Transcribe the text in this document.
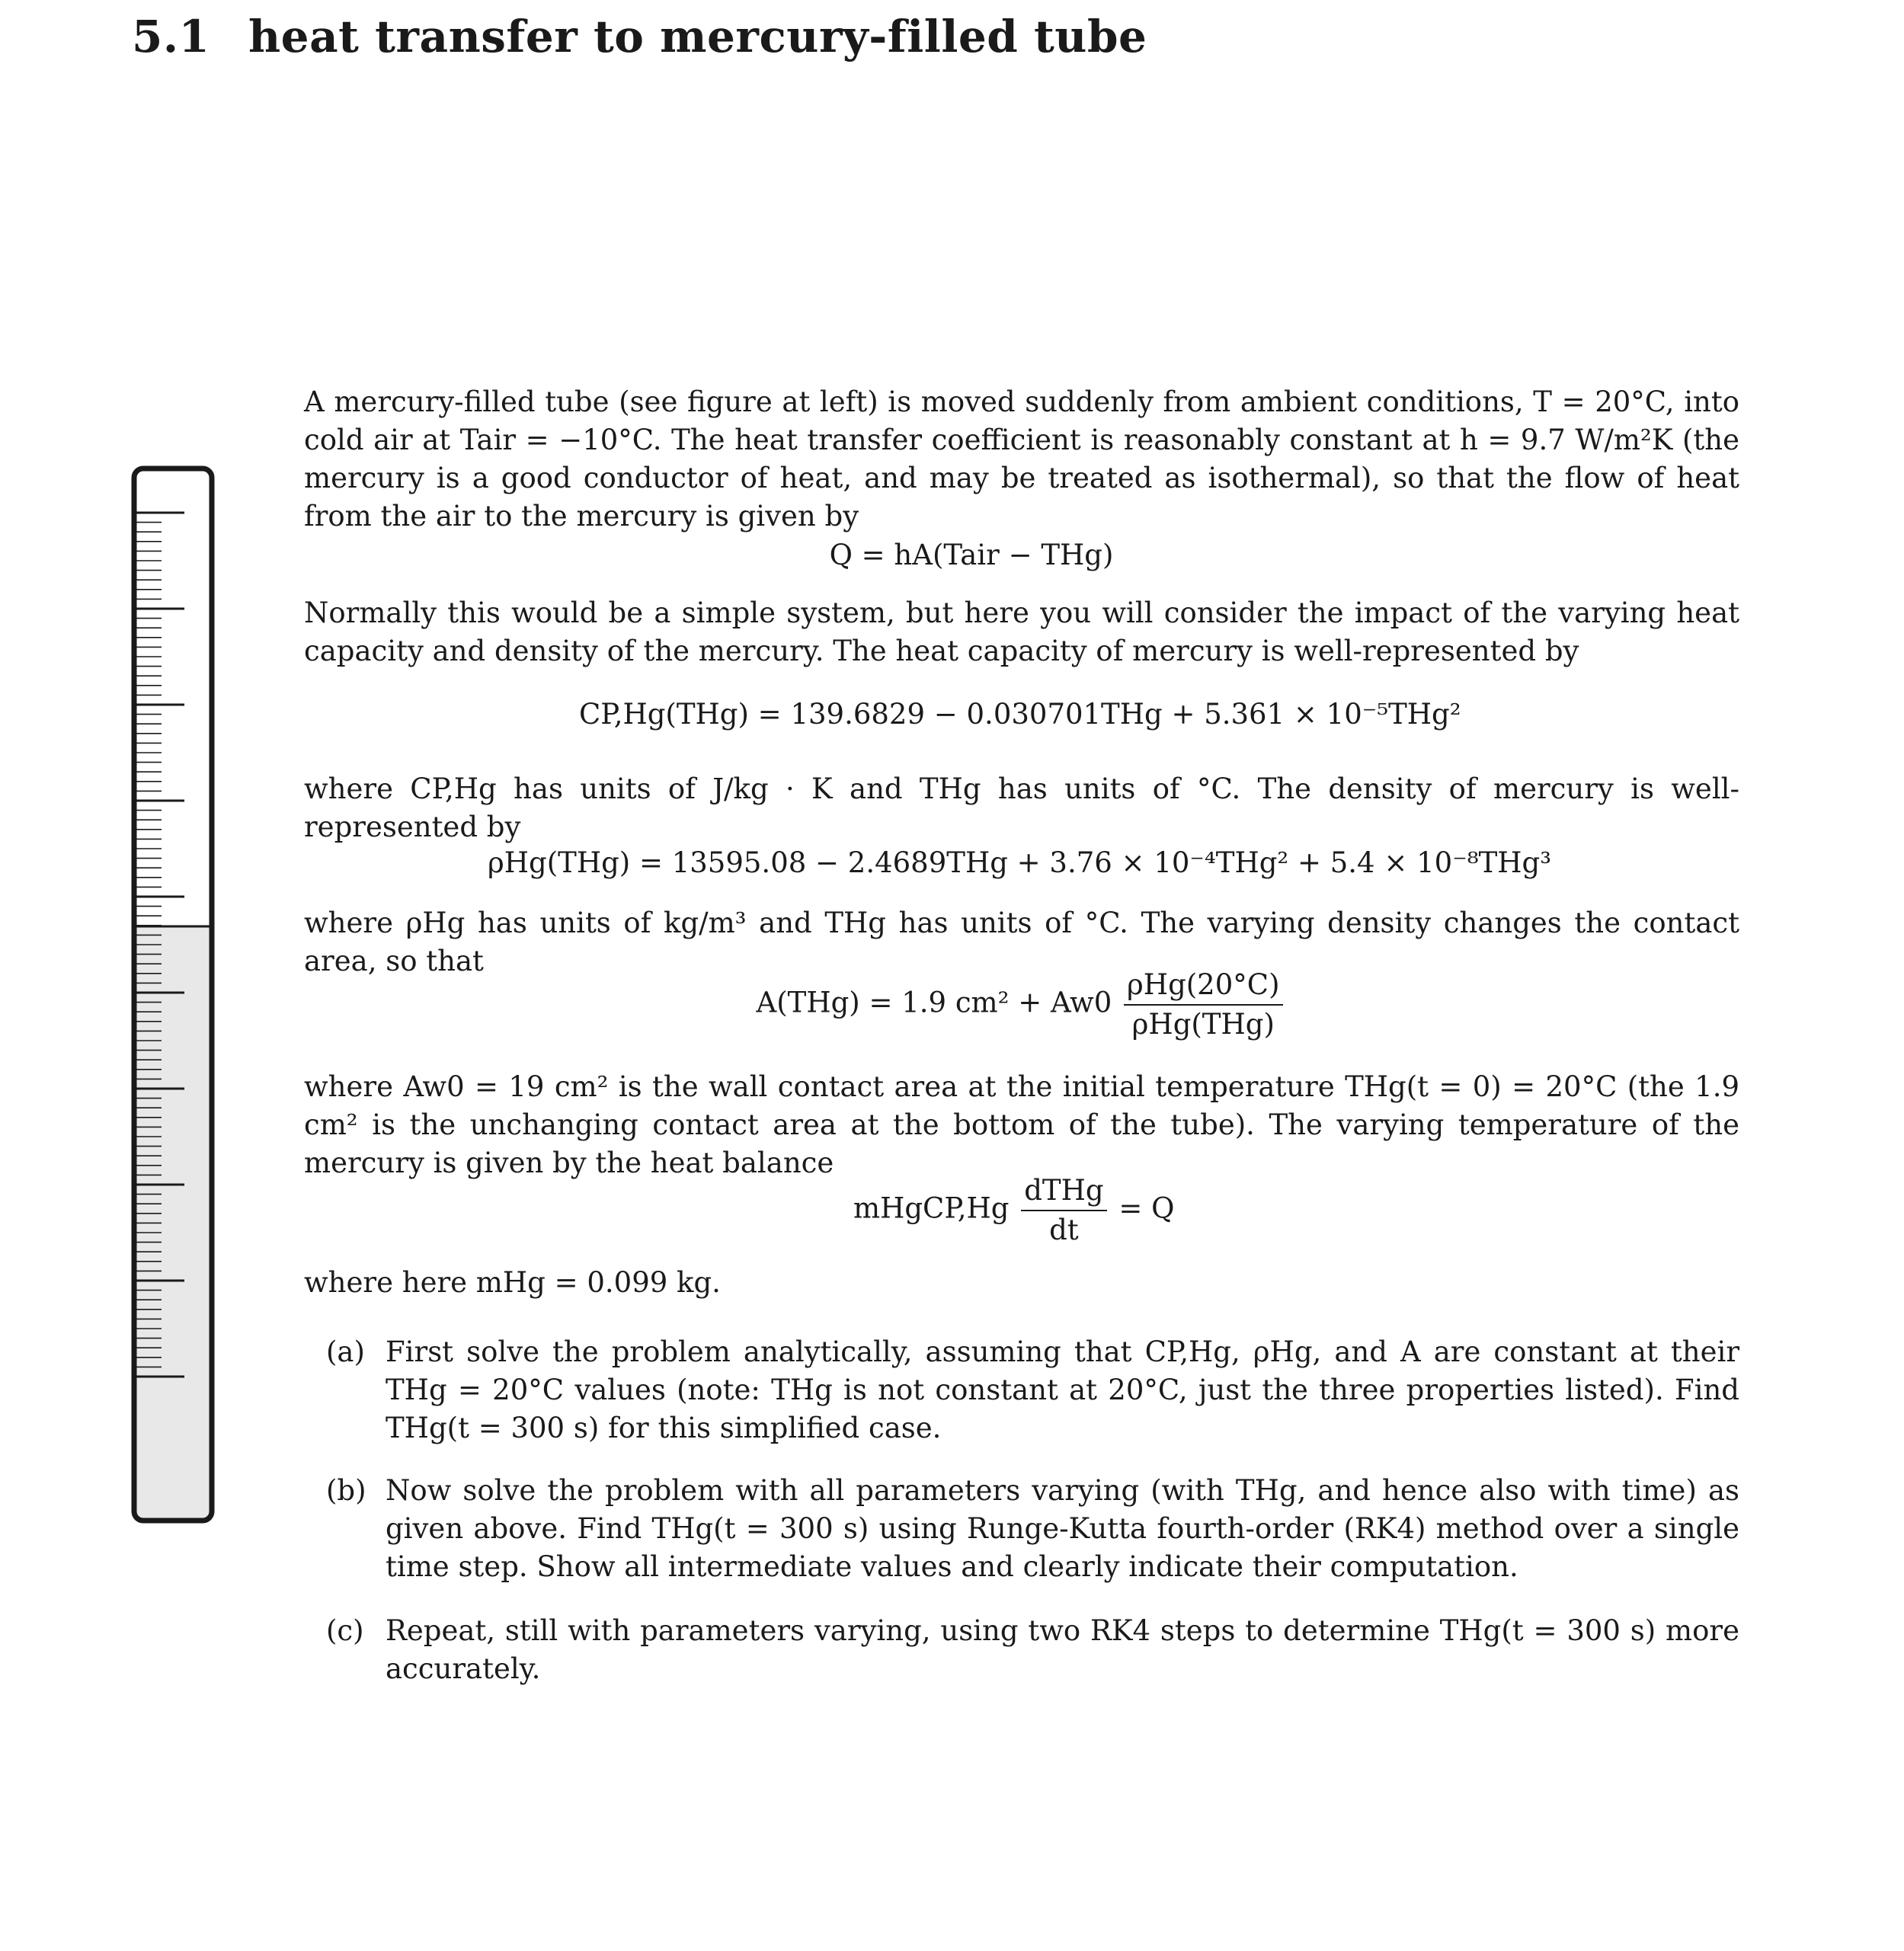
5.1 heat transfer to mercury-filled tube

A mercury-filled tube (see figure at left) is moved suddenly from ambient conditions, T = 20°C, into cold air at Tair = −10°C. The heat transfer coefficient is reasonably constant at h = 9.7 W/m²K (the mercury is a good conductor of heat, and may be treated as isothermal), so that the flow of heat from the air to the mercury is given by

Q = hA(Tair − THg)

Normally this would be a simple system, but here you will consider the impact of the varying heat capacity and density of the mercury. The heat capacity of mercury is well-represented by

CP,Hg(THg) = 139.6829 − 0.030701THg + 5.361 × 10⁻⁵THg²

where CP,Hg has units of J/kg · K and THg has units of °C. The density of mercury is well-represented by

ρHg(THg) = 13595.08 − 2.4689THg + 3.76 × 10⁻⁴THg² + 5.4 × 10⁻⁸THg³

where ρHg has units of kg/m³ and THg has units of °C. The varying density changes the contact area, so that

A(THg) = 1.9 $cm^2 + Aw0 \frac{\text{ρHg(20°C)}}{\text{ρHg(THg)}}$

where Aw0 = 19 cm² is the wall contact area at the initial temperature THg(t = 0) = 20°C (the 1.9 cm² is the unchanging contact area at the bottom of the tube). The varying temperature of the mercury is given by the heat balance

mHgCP,Hg $\frac{\text{dTHg}}{dt} = Q$

where here mHg = 0.099 kg.

(a) First solve the problem analytically, assuming that CP,Hg, ρHg, and A are constant at their THg = 20°C values (note: THg is not constant at 20°C, just the three properties listed). Find THg(t = 300 s) for this simplified case.

(b) Now solve the problem with all parameters varying (with THg, and hence also with time) as given above. Find THg(t = 300 s) using Runge-Kutta fourth-order (RK4) method over a single time step. Show all intermediate values and clearly indicate their computation.

(c) Repeat, still with parameters varying, using two RK4 steps to determine THg(t = 300 s) more accurately.
